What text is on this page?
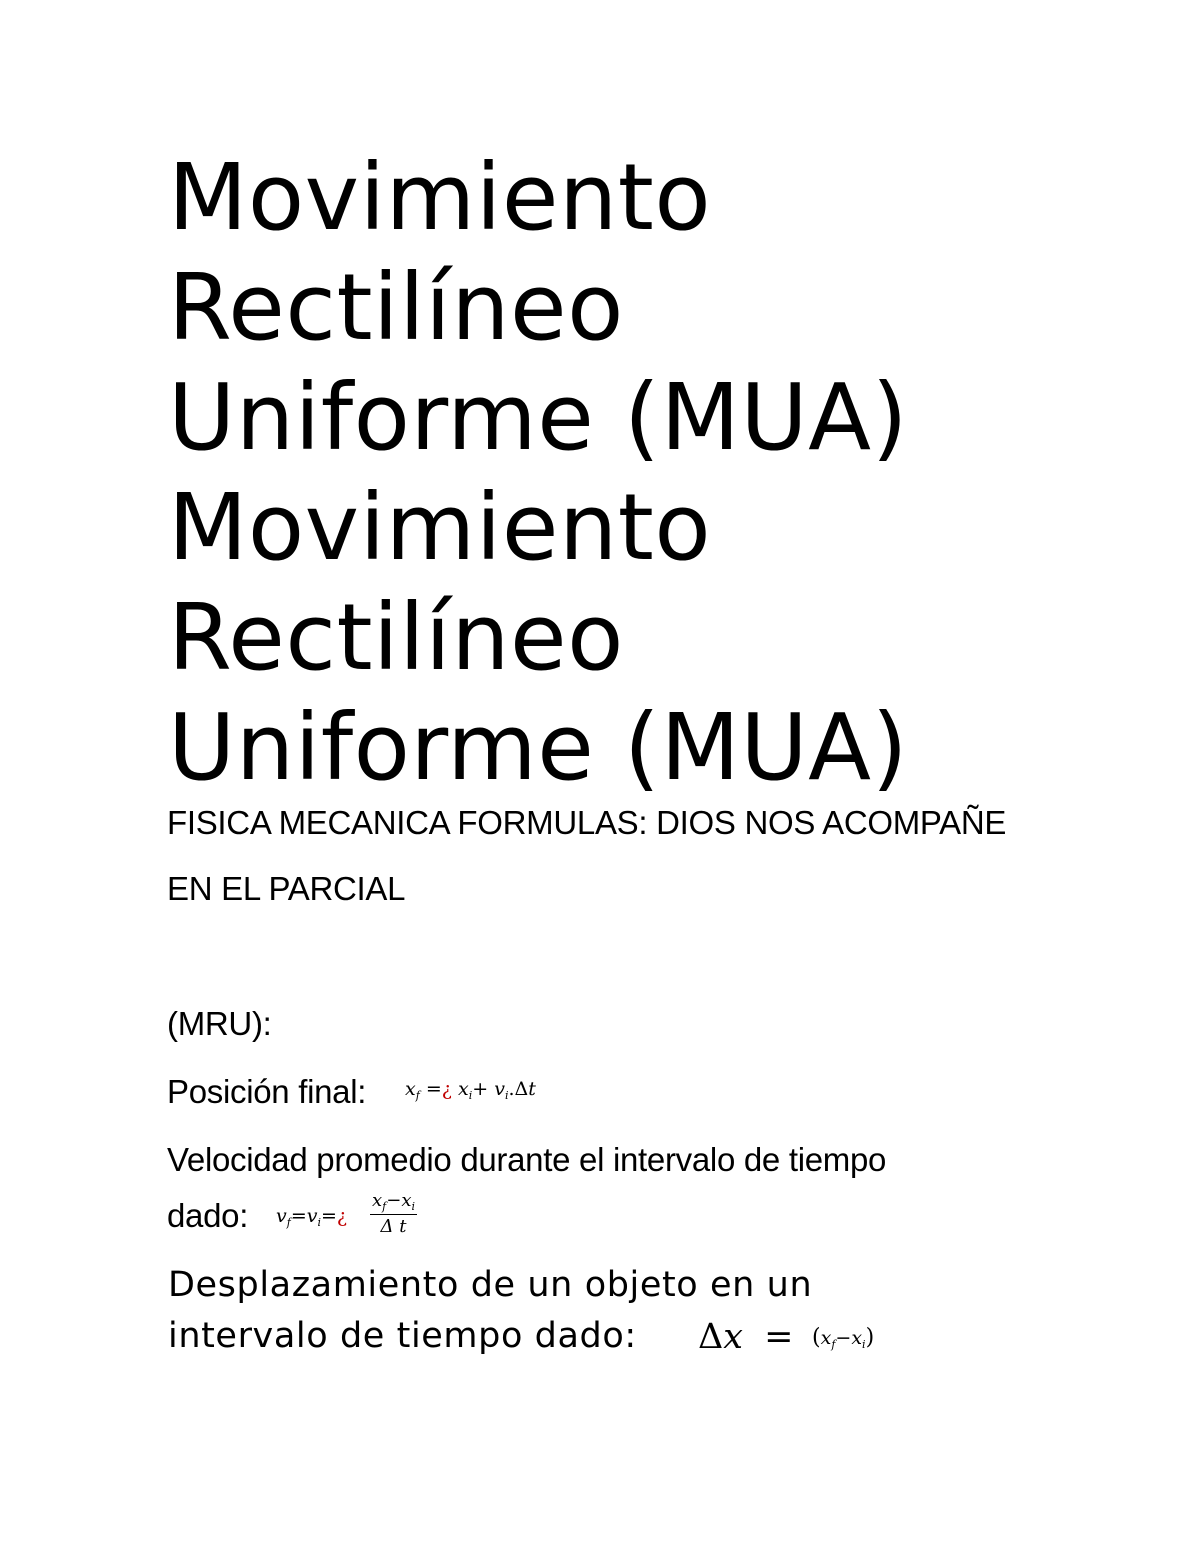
Movimiento
Rectilíneo
Uniforme (MUA)
Movimiento
Rectilíneo
Uniforme (MUA)
FISICA MECANICA FORMULAS: DIOS NOS ACOMPAÑE
EN EL PARCIAL
(MRU):
Posición final: $x_f$ =¿ $x_i+ v_i.\Delta t$
Velocidad promedio durante el intervalo de tiempo
dado: $v_f=v_i=¿ \frac{x_f-x_i}{\text{Δ t}}$
Desplazamiento de un objeto en un
intervalo de tiempo dado: $\Delta x = (x_f-x_i)$
